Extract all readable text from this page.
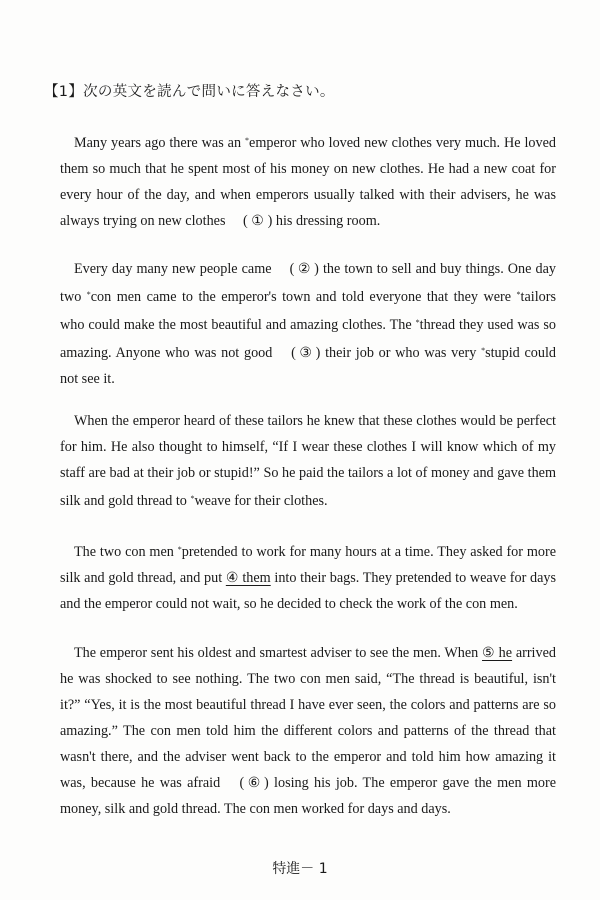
【1】次の英文を読んで問いに答えなさい。

Many years ago there was an *emperor who loved new clothes very much. He loved them so much that he spent most of his money on new clothes. He had a new coat for every hour of the day, and when emperors usually talked with their advisers, he was always trying on new clothes ( ① ) his dressing room.

Every day many new people came ( ② ) the town to sell and buy things. One day two *con men came to the emperor's town and told everyone that they were *tailors who could make the most beautiful and amazing clothes. The *thread they used was so amazing. Anyone who was not good ( ③ ) their job or who was very *stupid could not see it.

When the emperor heard of these tailors he knew that these clothes would be perfect for him. He also thought to himself, “If I wear these clothes I will know which of my staff are bad at their job or stupid!” So he paid the tailors a lot of money and gave them silk and gold thread to *weave for their clothes.

The two con men *pretended to work for many hours at a time. They asked for more silk and gold thread, and put ④ them into their bags. They pretended to weave for days and the emperor could not wait, so he decided to check the work of the con men.

The emperor sent his oldest and smartest adviser to see the men. When ⑤ he arrived he was shocked to see nothing. The two con men said, “The thread is beautiful, isn't it?” “Yes, it is the most beautiful thread I have ever seen, the colors and patterns are so amazing.” The con men told him the different colors and patterns of the thread that wasn't there, and the adviser went back to the emperor and told him how amazing it was, because he was afraid ( ⑥ ) losing his job. The emperor gave the men more money, silk and gold thread. The con men worked for days and days.

特進－ 1
